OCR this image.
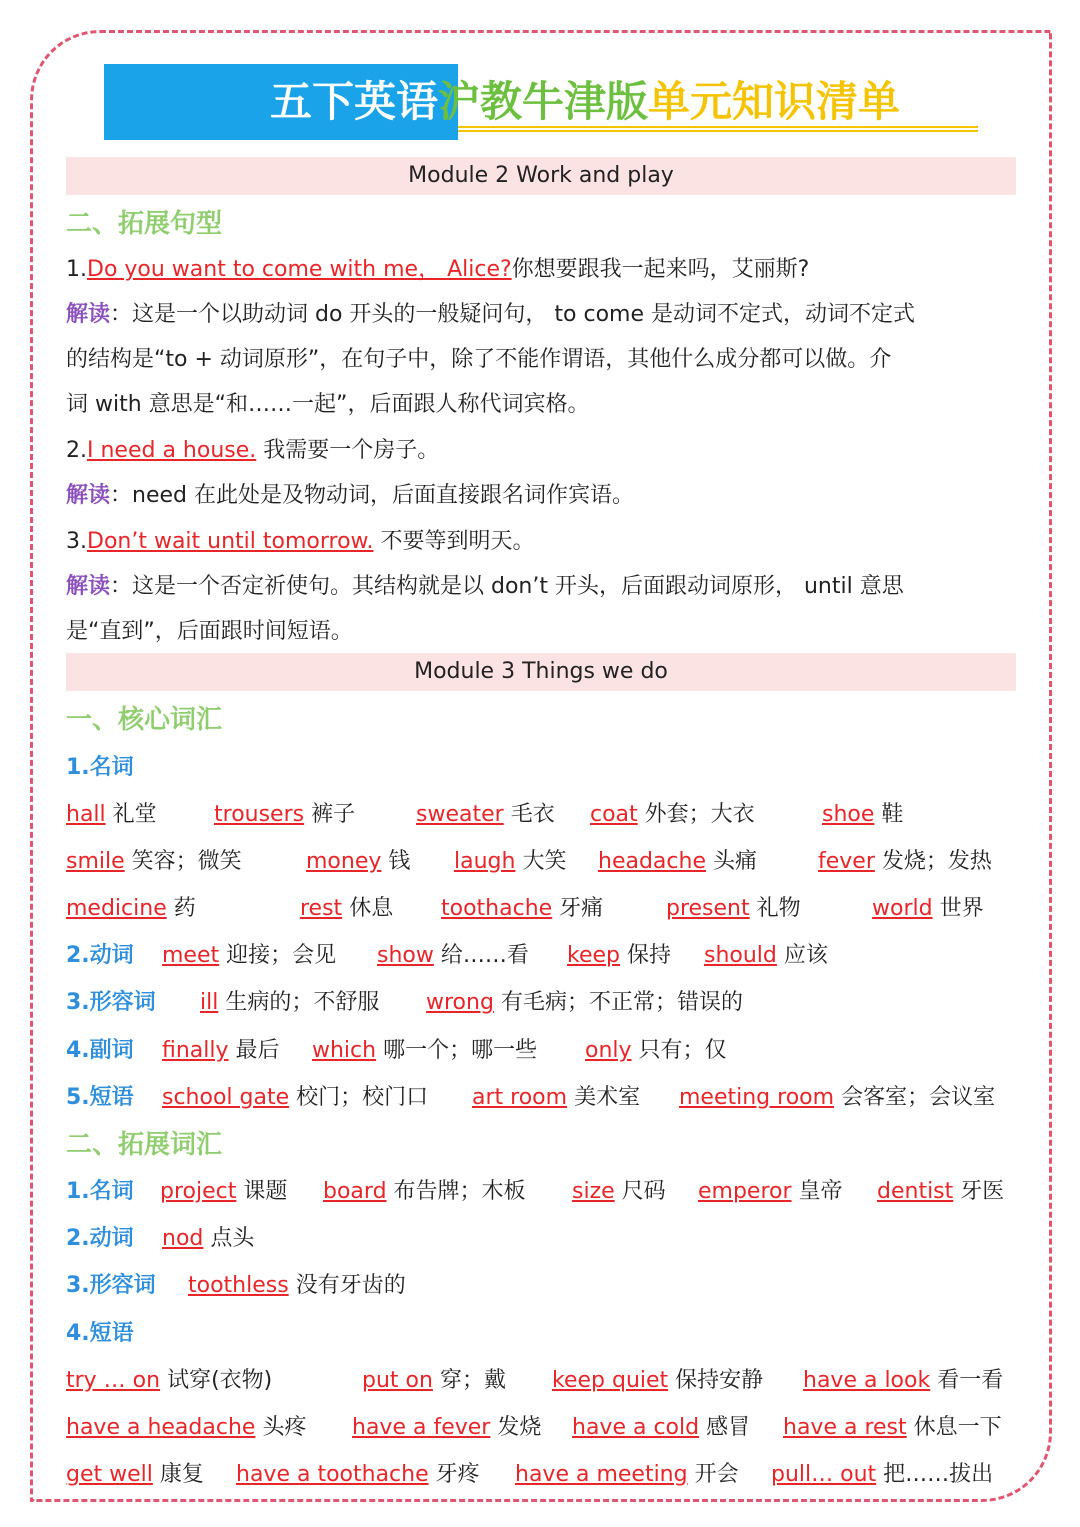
五下英语沪教牛津版单元知识清单
Module 2 Work and play
二、拓展句型
1.Do you want to come with me， Alice?你想要跟我一起来吗，艾丽斯?
解读：这是一个以助动词 do 开头的一般疑问句， to come 是动词不定式，动词不定式
的结构是“to + 动词原形”，在句子中，除了不能作谓语，其他什么成分都可以做。介
词 with 意思是“和……一起”，后面跟人称代词宾格。
2.I need a house. 我需要一个房子。
解读：need 在此处是及物动词，后面直接跟名词作宾语。
3.Don’t wait until tomorrow. 不要等到明天。
解读：这是一个否定祈使句。其结构就是以 don’t 开头，后面跟动词原形， until 意思
是“直到”，后面跟时间短语。
Module 3 Things we do
一、核心词汇
1.名词
hall 礼堂	trousers 裤子	sweater 毛衣 coat 外套；大衣	shoe 鞋
smile 笑容；微笑	money 钱 laugh 大笑 headache 头痛	fever 发烧；发热
medicine 药	rest 休息 toothache 牙痛	present 礼物	world 世界
2.动词 meet 迎接；会见 show 给……看 keep 保持 should 应该
3.形容词 ill 生病的；不舒服 wrong 有毛病；不正常；错误的
4.副词 finally 最后 which 哪一个；哪一些 only 只有；仅
5.短语 school gate 校门；校门口 art room 美术室 meeting room 会客室；会议室
二、拓展词汇
1.名词 project 课题 board 布告牌；木板 size 尺码 emperor 皇帝 dentist 牙医
2.动词 nod 点头
3.形容词 toothless 没有牙齿的
4.短语
try … on 试穿(衣物)	put on 穿；戴 keep quiet 保持安静 have a look 看一看
have a headache 头疼 have a fever 发烧 have a cold 感冒 have a rest 休息一下
get well 康复 have a toothache 牙疼 have a meeting 开会 pull… out 把……拔出
